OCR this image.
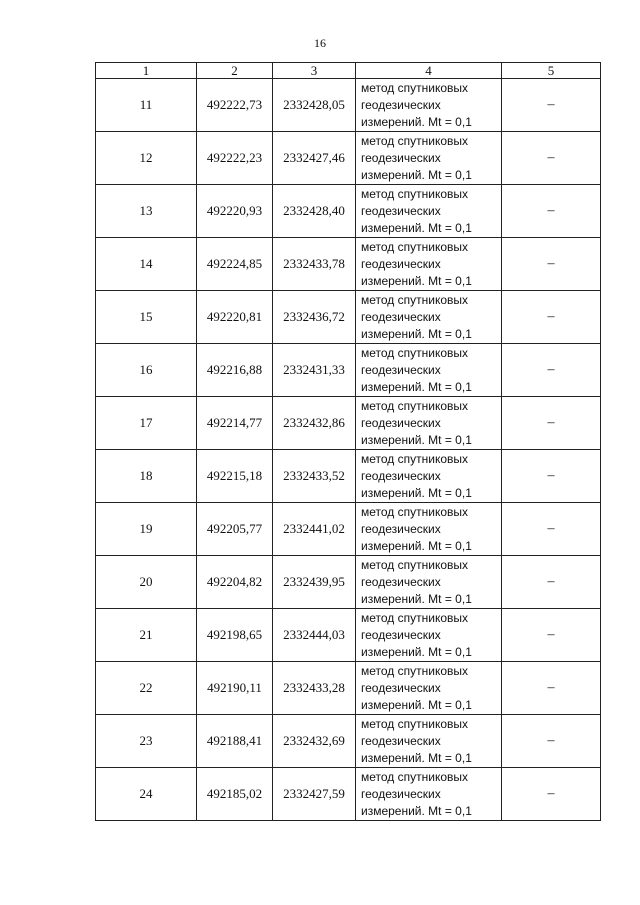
16
1	2	3	4	5
11	492222,73	2332428,05	метод спутниковых геодезических измерений. Mt = 0,1	–
12	492222,23	2332427,46	метод спутниковых геодезических измерений. Mt = 0,1	–
13	492220,93	2332428,40	метод спутниковых геодезических измерений. Mt = 0,1	–
14	492224,85	2332433,78	метод спутниковых геодезических измерений. Mt = 0,1	–
15	492220,81	2332436,72	метод спутниковых геодезических измерений. Mt = 0,1	–
16	492216,88	2332431,33	метод спутниковых геодезических измерений. Mt = 0,1	–
17	492214,77	2332432,86	метод спутниковых геодезических измерений. Mt = 0,1	–
18	492215,18	2332433,52	метод спутниковых геодезических измерений. Mt = 0,1	–
19	492205,77	2332441,02	метод спутниковых геодезических измерений. Mt = 0,1	–
20	492204,82	2332439,95	метод спутниковых геодезических измерений. Mt = 0,1	–
21	492198,65	2332444,03	метод спутниковых геодезических измерений. Mt = 0,1	–
22	492190,11	2332433,28	метод спутниковых геодезических измерений. Mt = 0,1	–
23	492188,41	2332432,69	метод спутниковых геодезических измерений. Mt = 0,1	–
24	492185,02	2332427,59	метод спутниковых геодезических измерений. Mt = 0,1	–
